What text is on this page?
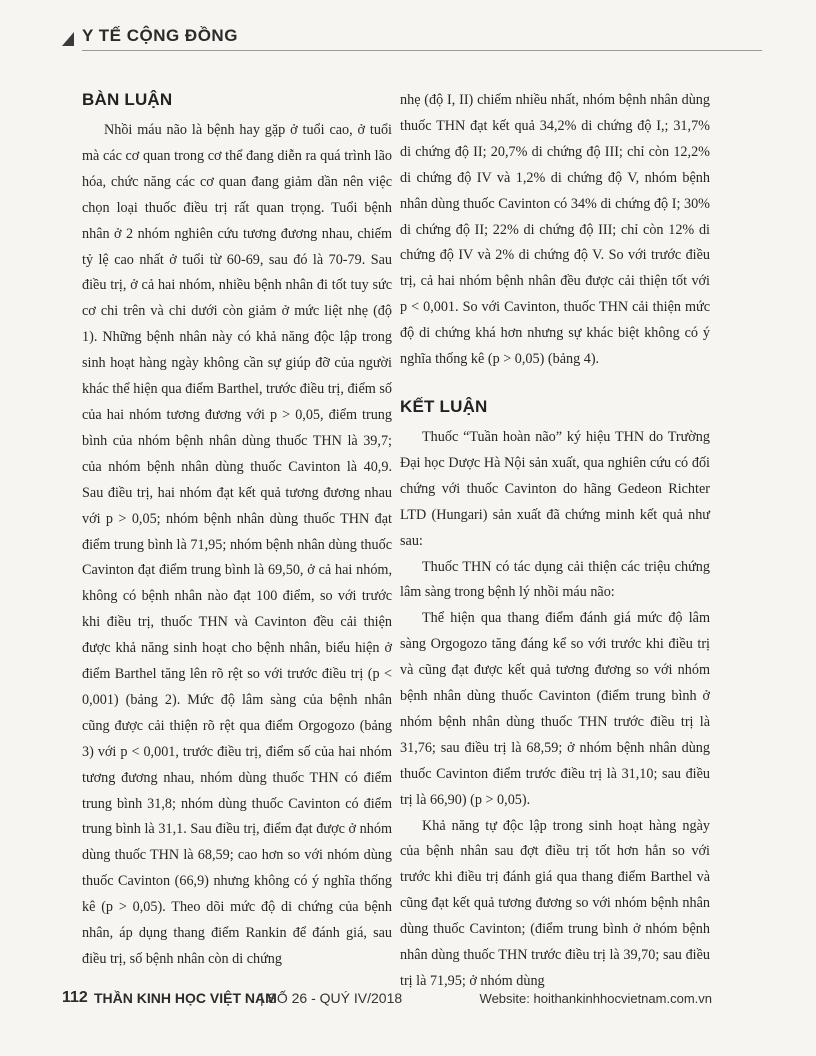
Y TẾ CỘNG ĐỒNG
BÀN LUẬN

Nhồi máu não là bệnh hay gặp ở tuổi cao, ở tuổi mà các cơ quan trong cơ thể đang diễn ra quá trình lão hóa, chức năng các cơ quan đang giảm dần nên việc chọn loại thuốc điều trị rất quan trọng. Tuổi bệnh nhân ở 2 nhóm nghiên cứu tương đương nhau, chiếm tỷ lệ cao nhất ở tuổi từ 60-69, sau đó là 70-79. Sau điều trị, ở cả hai nhóm, nhiều bệnh nhân đi tốt tuy sức cơ chi trên và chi dưới còn giảm ở mức liệt nhẹ (độ 1). Những bệnh nhân này có khả năng độc lập trong sinh hoạt hàng ngày không cần sự giúp đỡ của người khác thể hiện qua điểm Barthel, trước điều trị, điểm số của hai nhóm tương đương với p > 0,05, điểm trung bình của nhóm bệnh nhân dùng thuốc THN là 39,7; của nhóm bệnh nhân dùng thuốc Cavinton là 40,9. Sau điều trị, hai nhóm đạt kết quả tương đương nhau với p > 0,05; nhóm bệnh nhân dùng thuốc THN đạt điểm trung bình là 71,95; nhóm bệnh nhân dùng thuốc Cavinton đạt điểm trung bình là 69,50, ở cả hai nhóm, không có bệnh nhân nào đạt 100 điểm, so với trước khi điều trị, thuốc THN và Cavinton đều cải thiện được khả năng sinh hoạt cho bệnh nhân, biểu hiện ở điểm Barthel tăng lên rõ rệt so với trước điều trị (p < 0,001) (bảng 2). Mức độ lâm sàng của bệnh nhân cũng được cải thiện rõ rệt qua điểm Orgogozo (bảng 3) với p < 0,001, trước điều trị, điểm số của hai nhóm tương đương nhau, nhóm dùng thuốc THN có điểm trung bình 31,8; nhóm dùng thuốc Cavinton có điểm trung bình là 31,1. Sau điều trị, điểm đạt được ở nhóm dùng thuốc THN là 68,59; cao hơn so với nhóm dùng thuốc Cavinton (66,9) nhưng không có ý nghĩa thống kê (p > 0,05). Theo dõi mức độ di chứng của bệnh nhân, áp dụng thang điểm Rankin để đánh giá, sau điều trị, số bệnh nhân còn di chứng

nhẹ (độ I, II) chiếm nhiều nhất, nhóm bệnh nhân dùng thuốc THN đạt kết quả 34,2% di chứng độ I,; 31,7% di chứng độ II; 20,7% di chứng độ III; chỉ còn 12,2% di chứng độ IV và 1,2% di chứng độ V, nhóm bệnh nhân dùng thuốc Cavinton có 34% di chứng độ I; 30% di chứng độ II; 22% di chứng độ III; chỉ còn 12% di chứng độ IV và 2% di chứng độ V. So với trước điều trị, cả hai nhóm bệnh nhân đều được cải thiện tốt với p < 0,001. So với Cavinton, thuốc THN cải thiện mức độ di chứng khá hơn nhưng sự khác biệt không có ý nghĩa thống kê (p > 0,05) (bảng 4).

KẾT LUẬN

Thuốc “Tuần hoàn não” ký hiệu THN do Trường Đại học Dược Hà Nội sản xuất, qua nghiên cứu có đối chứng với thuốc Cavinton do hãng Gedeon Richter LTD (Hungari) sản xuất đã chứng minh kết quả như sau:

Thuốc THN có tác dụng cải thiện các triệu chứng lâm sàng trong bệnh lý nhồi máu não:

Thể hiện qua thang điểm đánh giá mức độ lâm sàng Orgogozo tăng đáng kể so với trước khi điều trị và cũng đạt được kết quả tương đương so với nhóm bệnh nhân dùng thuốc Cavinton (điểm trung bình ở nhóm bệnh nhân dùng thuốc THN trước điều trị là 31,76; sau điều trị là 68,59; ở nhóm bệnh nhân dùng thuốc Cavinton điểm trước điều trị là 31,10; sau điều trị là 66,90) (p > 0,05).

Khả năng tự độc lập trong sinh hoạt hàng ngày của bệnh nhân sau đợt điều trị tốt hơn hẳn so với trước khi điều trị đánh giá qua thang điểm Barthel và cũng đạt kết quả tương đương so với nhóm bệnh nhân dùng thuốc Cavinton; (điểm trung bình ở nhóm bệnh nhân dùng thuốc THN trước điều trị là 39,70; sau điều trị là 71,95; ở nhóm dùng

112 THẦN KINH HỌC VIỆT NAM
| SỐ 26 - QUÝ IV/2018	Website: hoithankinhhocvietnam.com.vn
